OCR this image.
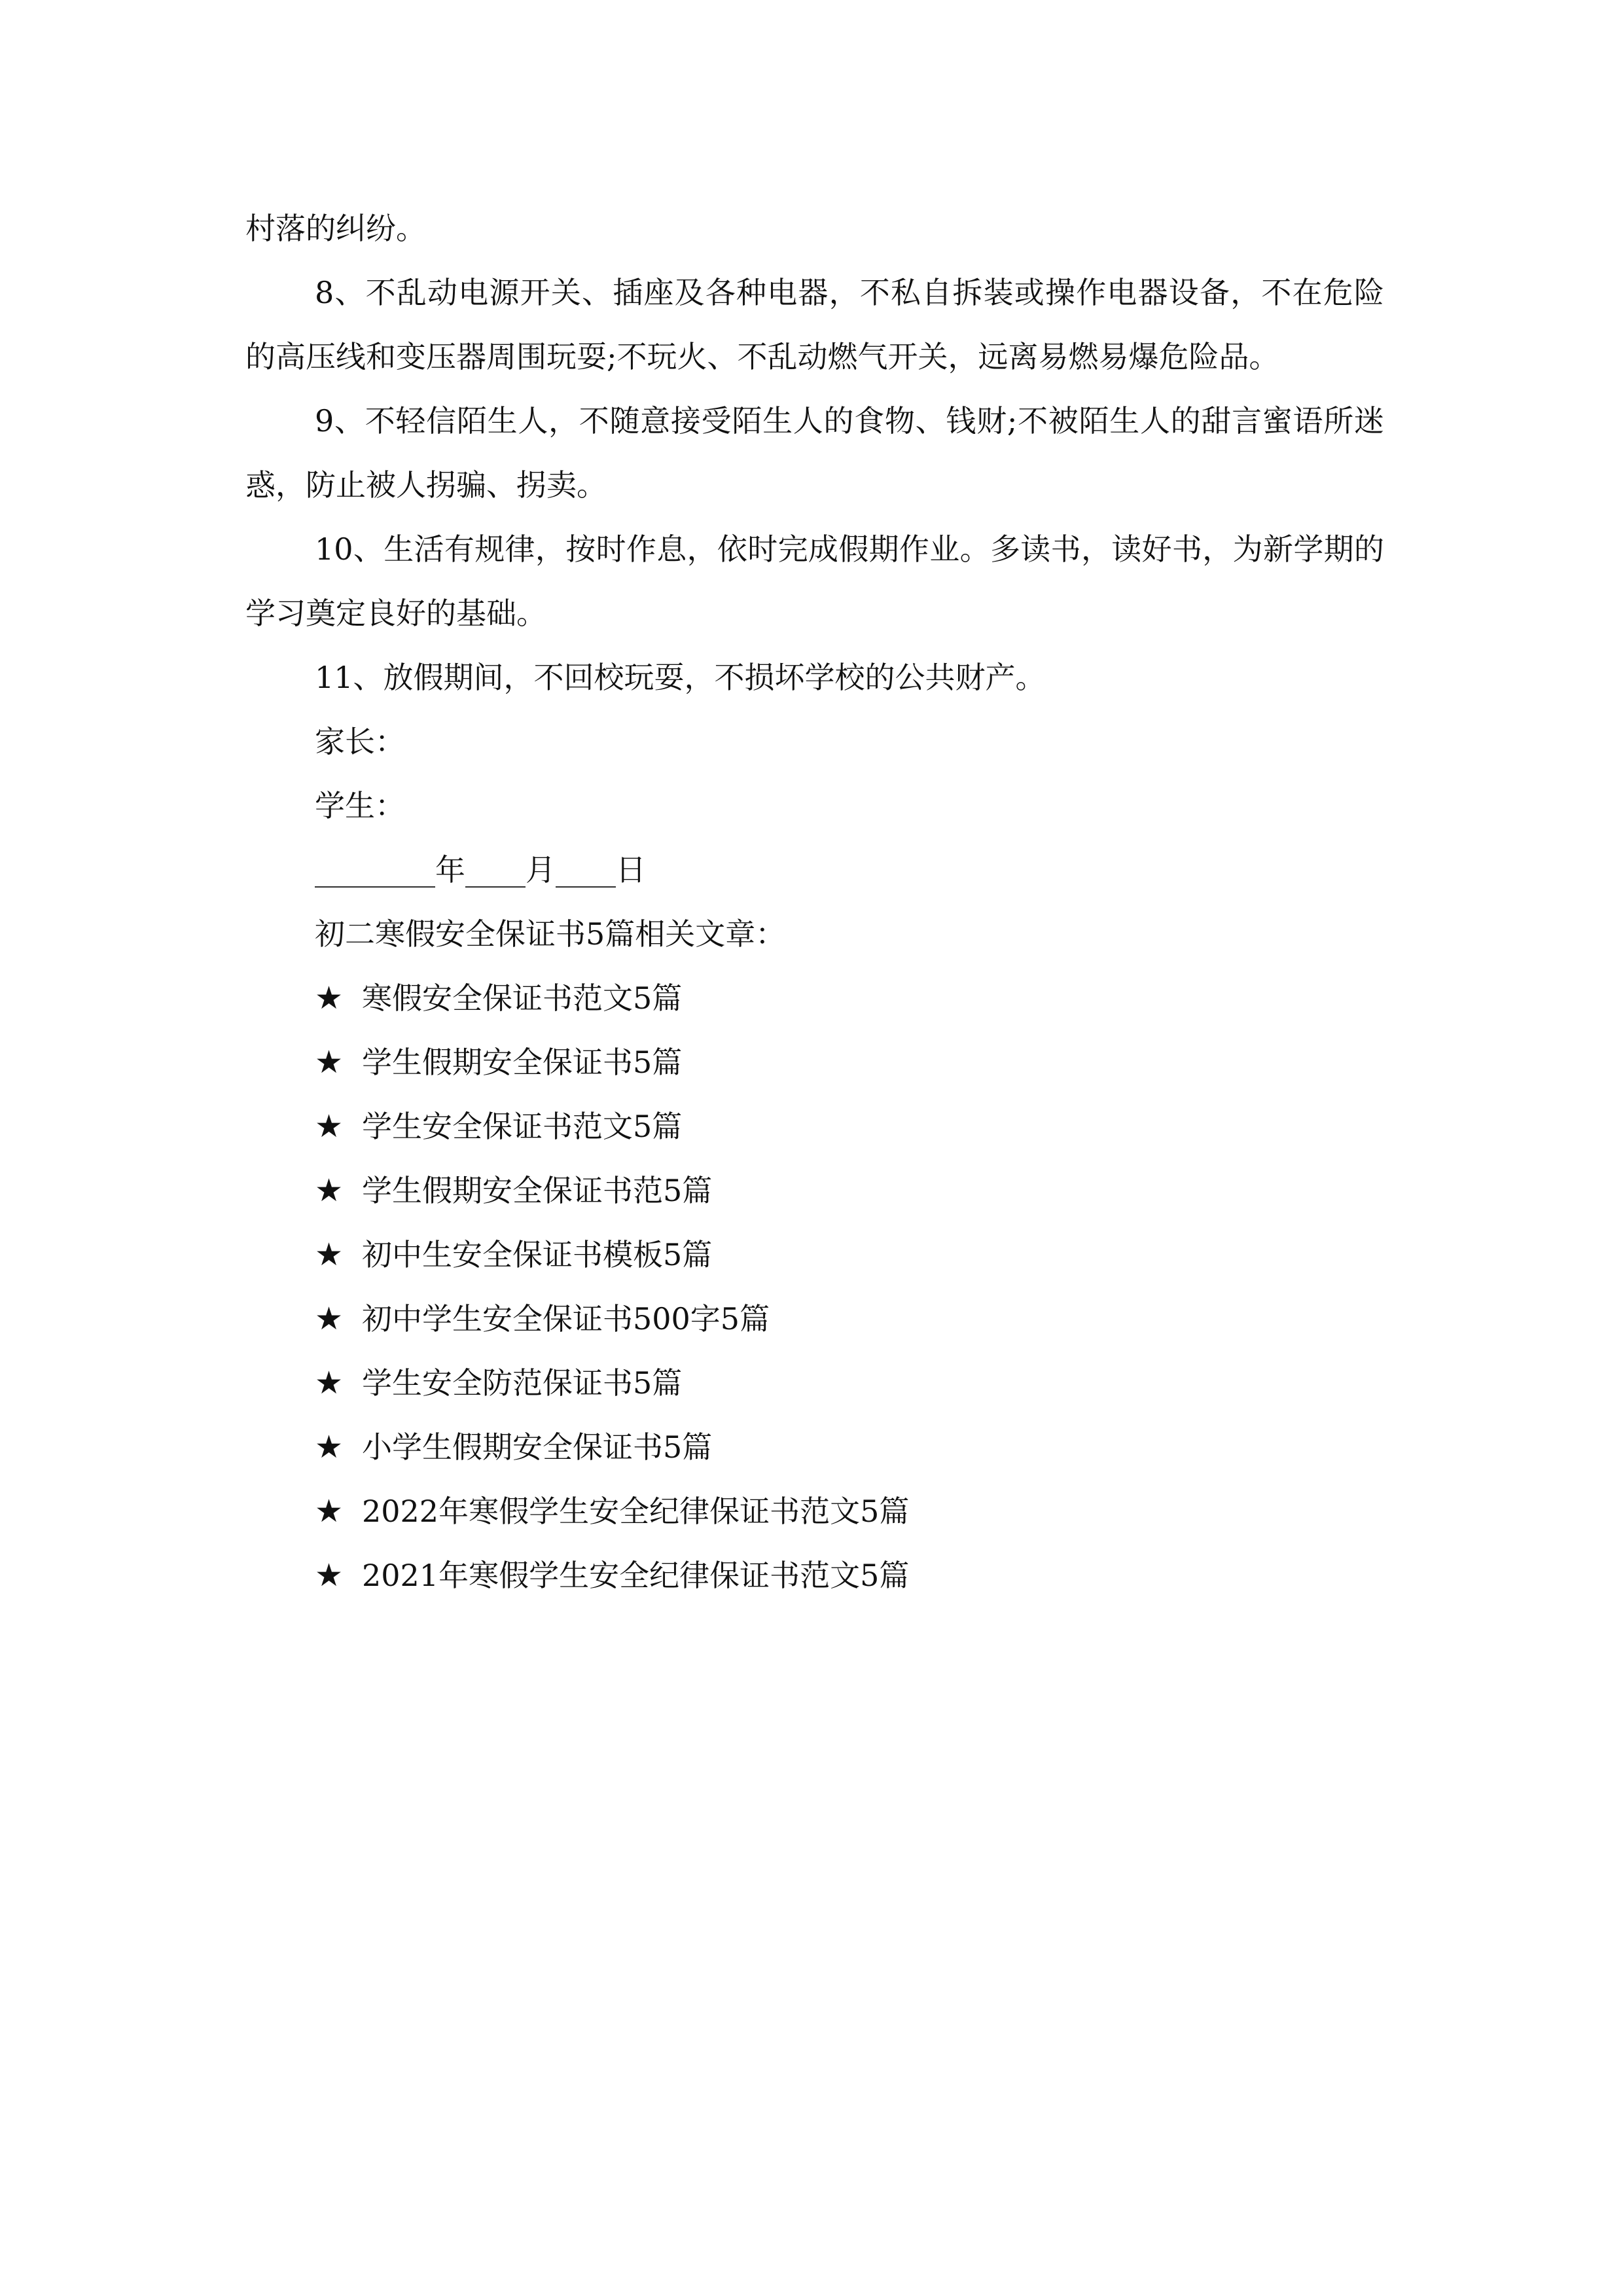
村落的纠纷。

8、不乱动电源开关、插座及各种电器，不私自拆装或操作电器设备，不在危险的高压线和变压器周围玩耍;不玩火、不乱动燃气开关，远离易燃易爆危险品。

9、不轻信陌生人，不随意接受陌生人的食物、钱财;不被陌生人的甜言蜜语所迷惑，防止被人拐骗、拐卖。

10、生活有规律，按时作息，依时完成假期作业。多读书，读好书，为新学期的学习奠定良好的基础。

11、放假期间，不回校玩耍，不损坏学校的公共财产。

家长：

学生：

________年____月____日

初二寒假安全保证书5篇相关文章：

★ 寒假安全保证书范文5篇
★ 学生假期安全保证书5篇
★ 学生安全保证书范文5篇
★ 学生假期安全保证书范5篇
★ 初中生安全保证书模板5篇
★ 初中学生安全保证书500字5篇
★ 学生安全防范保证书5篇
★ 小学生假期安全保证书5篇
★ 2022年寒假学生安全纪律保证书范文5篇
★ 2021年寒假学生安全纪律保证书范文5篇
